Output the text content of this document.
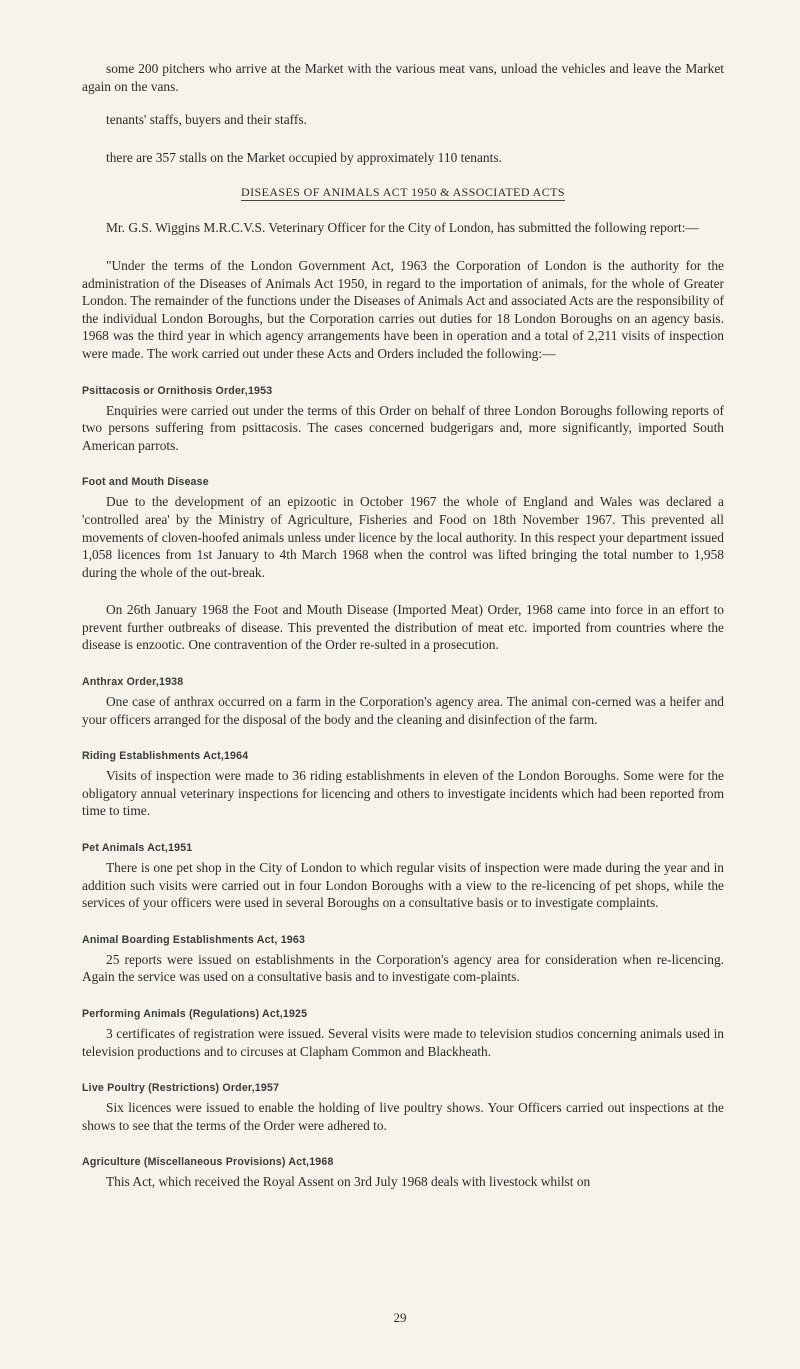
some 200 pitchers who arrive at the Market with the various meat vans, unload the vehicles and leave the Market again on the vans.

tenants' staffs, buyers and their staffs.

there are 357 stalls on the Market occupied by approximately 110 tenants.

DISEASES OF ANIMALS ACT 1950 & ASSOCIATED ACTS

Mr. G.S. Wiggins M.R.C.V.S. Veterinary Officer for the City of London, has submitted the following report:—

"Under the terms of the London Government Act, 1963 the Corporation of London is the authority for the administration of the Diseases of Animals Act 1950, in regard to the importation of animals, for the whole of Greater London. The remainder of the functions under the Diseases of Animals Act and associated Acts are the responsibility of the individual London Boroughs, but the Corporation carries out duties for 18 London Boroughs on an agency basis. 1968 was the third year in which agency arrangements have been in operation and a total of 2,211 visits of inspection were made. The work carried out under these Acts and Orders included the following:—

Psittacosis or Ornithosis Order,1953

Enquiries were carried out under the terms of this Order on behalf of three London Boroughs following reports of two persons suffering from psittacosis. The cases concerned budgerigars and, more significantly, imported South American parrots.

Foot and Mouth Disease

Due to the development of an epizootic in October 1967 the whole of England and Wales was declared a 'controlled area' by the Ministry of Agriculture, Fisheries and Food on 18th November 1967. This prevented all movements of cloven-hoofed animals unless under licence by the local authority. In this respect your department issued 1,058 licences from 1st January to 4th March 1968 when the control was lifted bringing the total number to 1,958 during the whole of the out-break.

On 26th January 1968 the Foot and Mouth Disease (Imported Meat) Order, 1968 came into force in an effort to prevent further outbreaks of disease. This prevented the distribution of meat etc. imported from countries where the disease is enzootic. One contravention of the Order re-sulted in a prosecution.

Anthrax Order,1938

One case of anthrax occurred on a farm in the Corporation's agency area. The animal con-cerned was a heifer and your officers arranged for the disposal of the body and the cleaning and disinfection of the farm.

Riding Establishments Act,1964

Visits of inspection were made to 36 riding establishments in eleven of the London Boroughs. Some were for the obligatory annual veterinary inspections for licencing and others to investigate incidents which had been reported from time to time.

Pet Animals Act,1951

There is one pet shop in the City of London to which regular visits of inspection were made during the year and in addition such visits were carried out in four London Boroughs with a view to the re-licencing of pet shops, while the services of your officers were used in several Boroughs on a consultative basis or to investigate complaints.

Animal Boarding Establishments Act, 1963

25 reports were issued on establishments in the Corporation's agency area for consideration when re-licencing. Again the service was used on a consultative basis and to investigate com-plaints.

Performing Animals (Regulations) Act,1925

3 certificates of registration were issued. Several visits were made to television studios concerning animals used in television productions and to circuses at Clapham Common and Blackheath.

Live Poultry (Restrictions) Order,1957

Six licences were issued to enable the holding of live poultry shows. Your Officers carried out inspections at the shows to see that the terms of the Order were adhered to.

Agriculture (Miscellaneous Provisions) Act,1968

This Act, which received the Royal Assent on 3rd July 1968 deals with livestock whilst on

29
